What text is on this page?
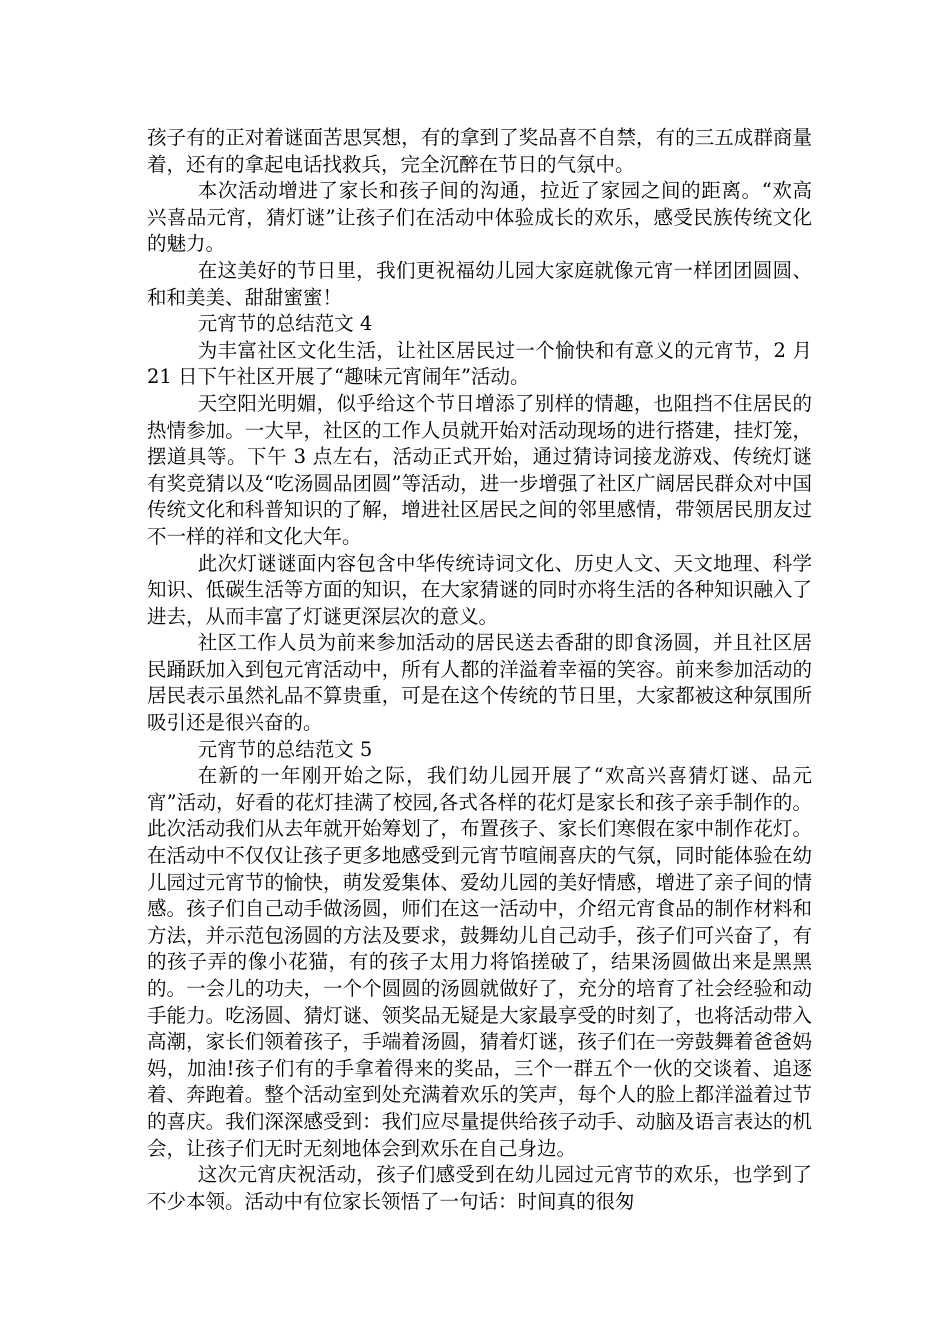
孩子有的正对着谜面苦思冥想，有的拿到了奖品喜不自禁，有的三五成群商量着，还有的拿起电话找救兵，完全沉醉在节日的气氛中。

本次活动增进了家长和孩子间的沟通，拉近了家园之间的距离。“欢高兴喜品元宵，猜灯谜”让孩子们在活动中体验成长的欢乐，感受民族传统文化的魅力。

在这美好的节日里，我们更祝福幼儿园大家庭就像元宵一样团团圆圆、和和美美、甜甜蜜蜜！

元宵节的总结范文 4

为丰富社区文化生活，让社区居民过一个愉快和有意义的元宵节，2 月 21 日下午社区开展了“趣味元宵闹年”活动。

天空阳光明媚，似乎给这个节日增添了别样的情趣，也阻挡不住居民的热情参加。一大早，社区的工作人员就开始对活动现场的进行搭建，挂灯笼，摆道具等。下午 3 点左右，活动正式开始，通过猜诗词接龙游戏、传统灯谜有奖竞猜以及“吃汤圆品团圆”等活动，进一步增强了社区广阔居民群众对中国传统文化和科普知识的了解，增进社区居民之间的邻里感情，带领居民朋友过不一样的祥和文化大年。

此次灯谜谜面内容包含中华传统诗词文化、历史人文、天文地理、科学知识、低碳生活等方面的知识，在大家猜谜的同时亦将生活的各种知识融入了进去，从而丰富了灯谜更深层次的意义。

社区工作人员为前来参加活动的居民送去香甜的即食汤圆，并且社区居民踊跃加入到包元宵活动中，所有人都的洋溢着幸福的笑容。前来参加活动的居民表示虽然礼品不算贵重，可是在这个传统的节日里，大家都被这种氛围所吸引还是很兴奋的。

元宵节的总结范文 5

在新的一年刚开始之际，我们幼儿园开展了“欢高兴喜猜灯谜、品元宵”活动，好看的花灯挂满了校园,各式各样的花灯是家长和孩子亲手制作的。此次活动我们从去年就开始筹划了，布置孩子、家长们寒假在家中制作花灯。在活动中不仅仅让孩子更多地感受到元宵节喧闹喜庆的气氛，同时能体验在幼儿园过元宵节的愉快，萌发爱集体、爱幼儿园的美好情感，增进了亲子间的情感。孩子们自己动手做汤圆，师们在这一活动中，介绍元宵食品的制作材料和方法，并示范包汤圆的方法及要求，鼓舞幼儿自己动手，孩子们可兴奋了，有的孩子弄的像小花猫，有的孩子太用力将馅搓破了，结果汤圆做出来是黑黑的。一会儿的功夫，一个个圆圆的汤圆就做好了，充分的培育了社会经验和动手能力。吃汤圆、猜灯谜、领奖品无疑是大家最享受的时刻了，也将活动带入高潮，家长们领着孩子，手端着汤圆，猜着灯谜，孩子们在一旁鼓舞着爸爸妈妈，加油!孩子们有的手拿着得来的奖品，三个一群五个一伙的交谈着、追逐着、奔跑着。整个活动室到处充满着欢乐的笑声，每个人的脸上都洋溢着过节的喜庆。我们深深感受到：我们应尽量提供给孩子动手、动脑及语言表达的机会，让孩子们无时无刻地体会到欢乐在自己身边。

这次元宵庆祝活动，孩子们感受到在幼儿园过元宵节的欢乐，也学到了不少本领。活动中有位家长领悟了一句话：时间真的很匆
